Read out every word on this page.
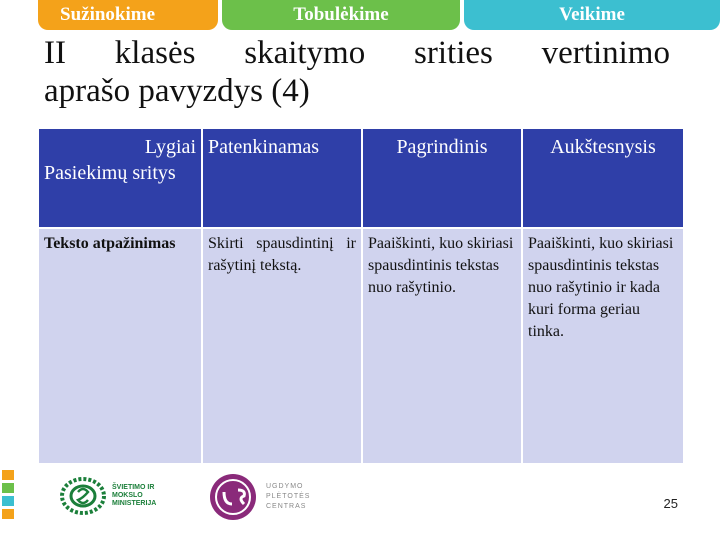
Sužinokime	Tobulėkime	Veikime
II klasės skaitymo srities vertinimo
aprašo pavyzdys (4)
Lygiai
Pasiekimų sritys	Patenkinamas	Pagrindinis	Aukštesnysis
Teksto atpažinimas	Skirti spausdintinį ir rašytinį tekstą.	Paaiškinti, kuo skiriasi spausdintinis tekstas nuo rašytinio.	Paaiškinti, kuo skiriasi spausdintinis tekstas nuo rašytinio ir kada kuri forma geriau tinka.
ŠVIETIMO IR MOKSLO MINISTERIJA
UGDYMO PLĖTOTĖS CENTRAS	25
